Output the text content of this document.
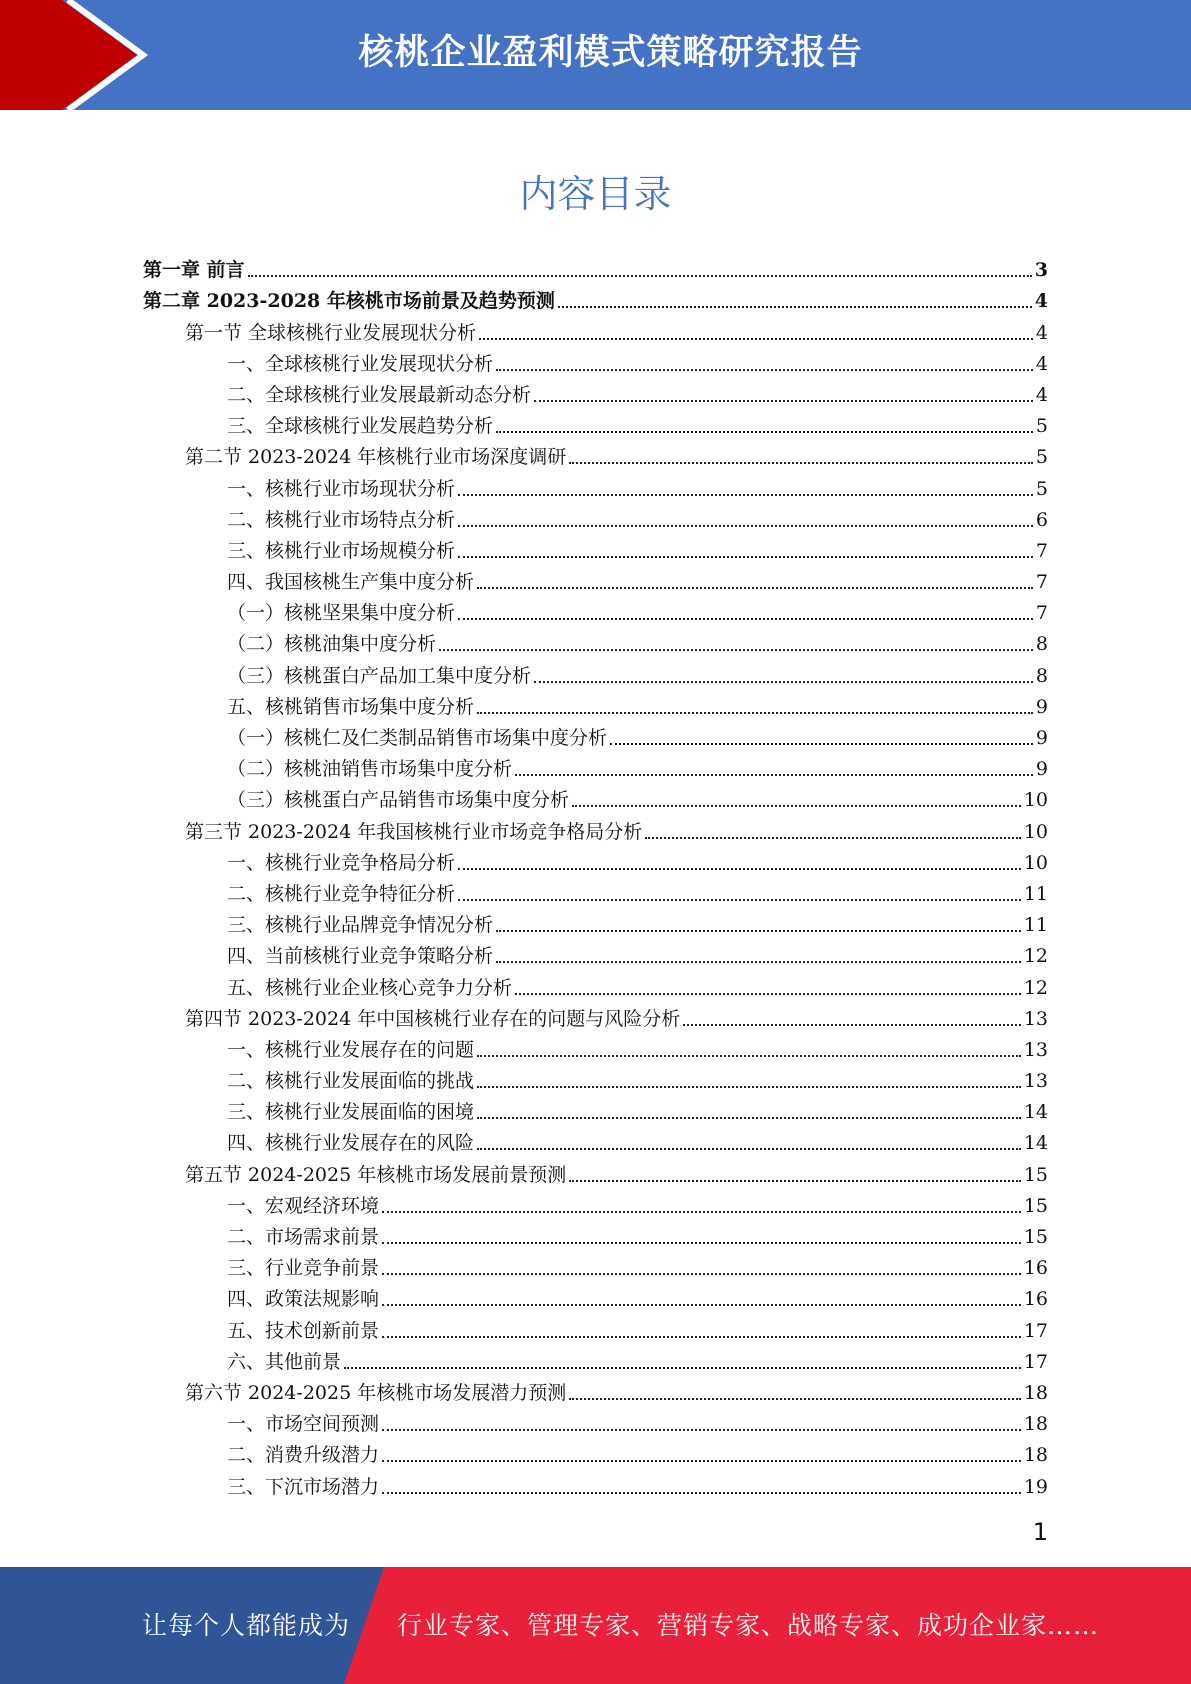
核桃企业盈利模式策略研究报告
内容目录
第一章 前言	3
第二章 2023-2028 年核桃市场前景及趋势预测	4
第一节 全球核桃行业发展现状分析	4
一、全球核桃行业发展现状分析	4
二、全球核桃行业发展最新动态分析	4
三、全球核桃行业发展趋势分析	5
第二节 2023-2024 年核桃行业市场深度调研	5
一、核桃行业市场现状分析	5
二、核桃行业市场特点分析	6
三、核桃行业市场规模分析	7
四、我国核桃生产集中度分析	7
（一）核桃坚果集中度分析	7
（二）核桃油集中度分析	8
（三）核桃蛋白产品加工集中度分析	8
五、核桃销售市场集中度分析	9
（一）核桃仁及仁类制品销售市场集中度分析	9
（二）核桃油销售市场集中度分析	9
（三）核桃蛋白产品销售市场集中度分析	10
第三节 2023-2024 年我国核桃行业市场竞争格局分析	10
一、核桃行业竞争格局分析	10
二、核桃行业竞争特征分析	11
三、核桃行业品牌竞争情况分析	11
四、当前核桃行业竞争策略分析	12
五、核桃行业企业核心竞争力分析	12
第四节 2023-2024 年中国核桃行业存在的问题与风险分析	13
一、核桃行业发展存在的问题	13
二、核桃行业发展面临的挑战	13
三、核桃行业发展面临的困境	14
四、核桃行业发展存在的风险	14
第五节 2024-2025 年核桃市场发展前景预测	15
一、宏观经济环境	15
二、市场需求前景	15
三、行业竞争前景	16
四、政策法规影响	16
五、技术创新前景	17
六、其他前景	17
第六节 2024-2025 年核桃市场发展潜力预测	18
一、市场空间预测	18
二、消费升级潜力	18
三、下沉市场潜力	19
1
让每个人都能成为 行业专家、管理专家、营销专家、战略专家、成功企业家……
